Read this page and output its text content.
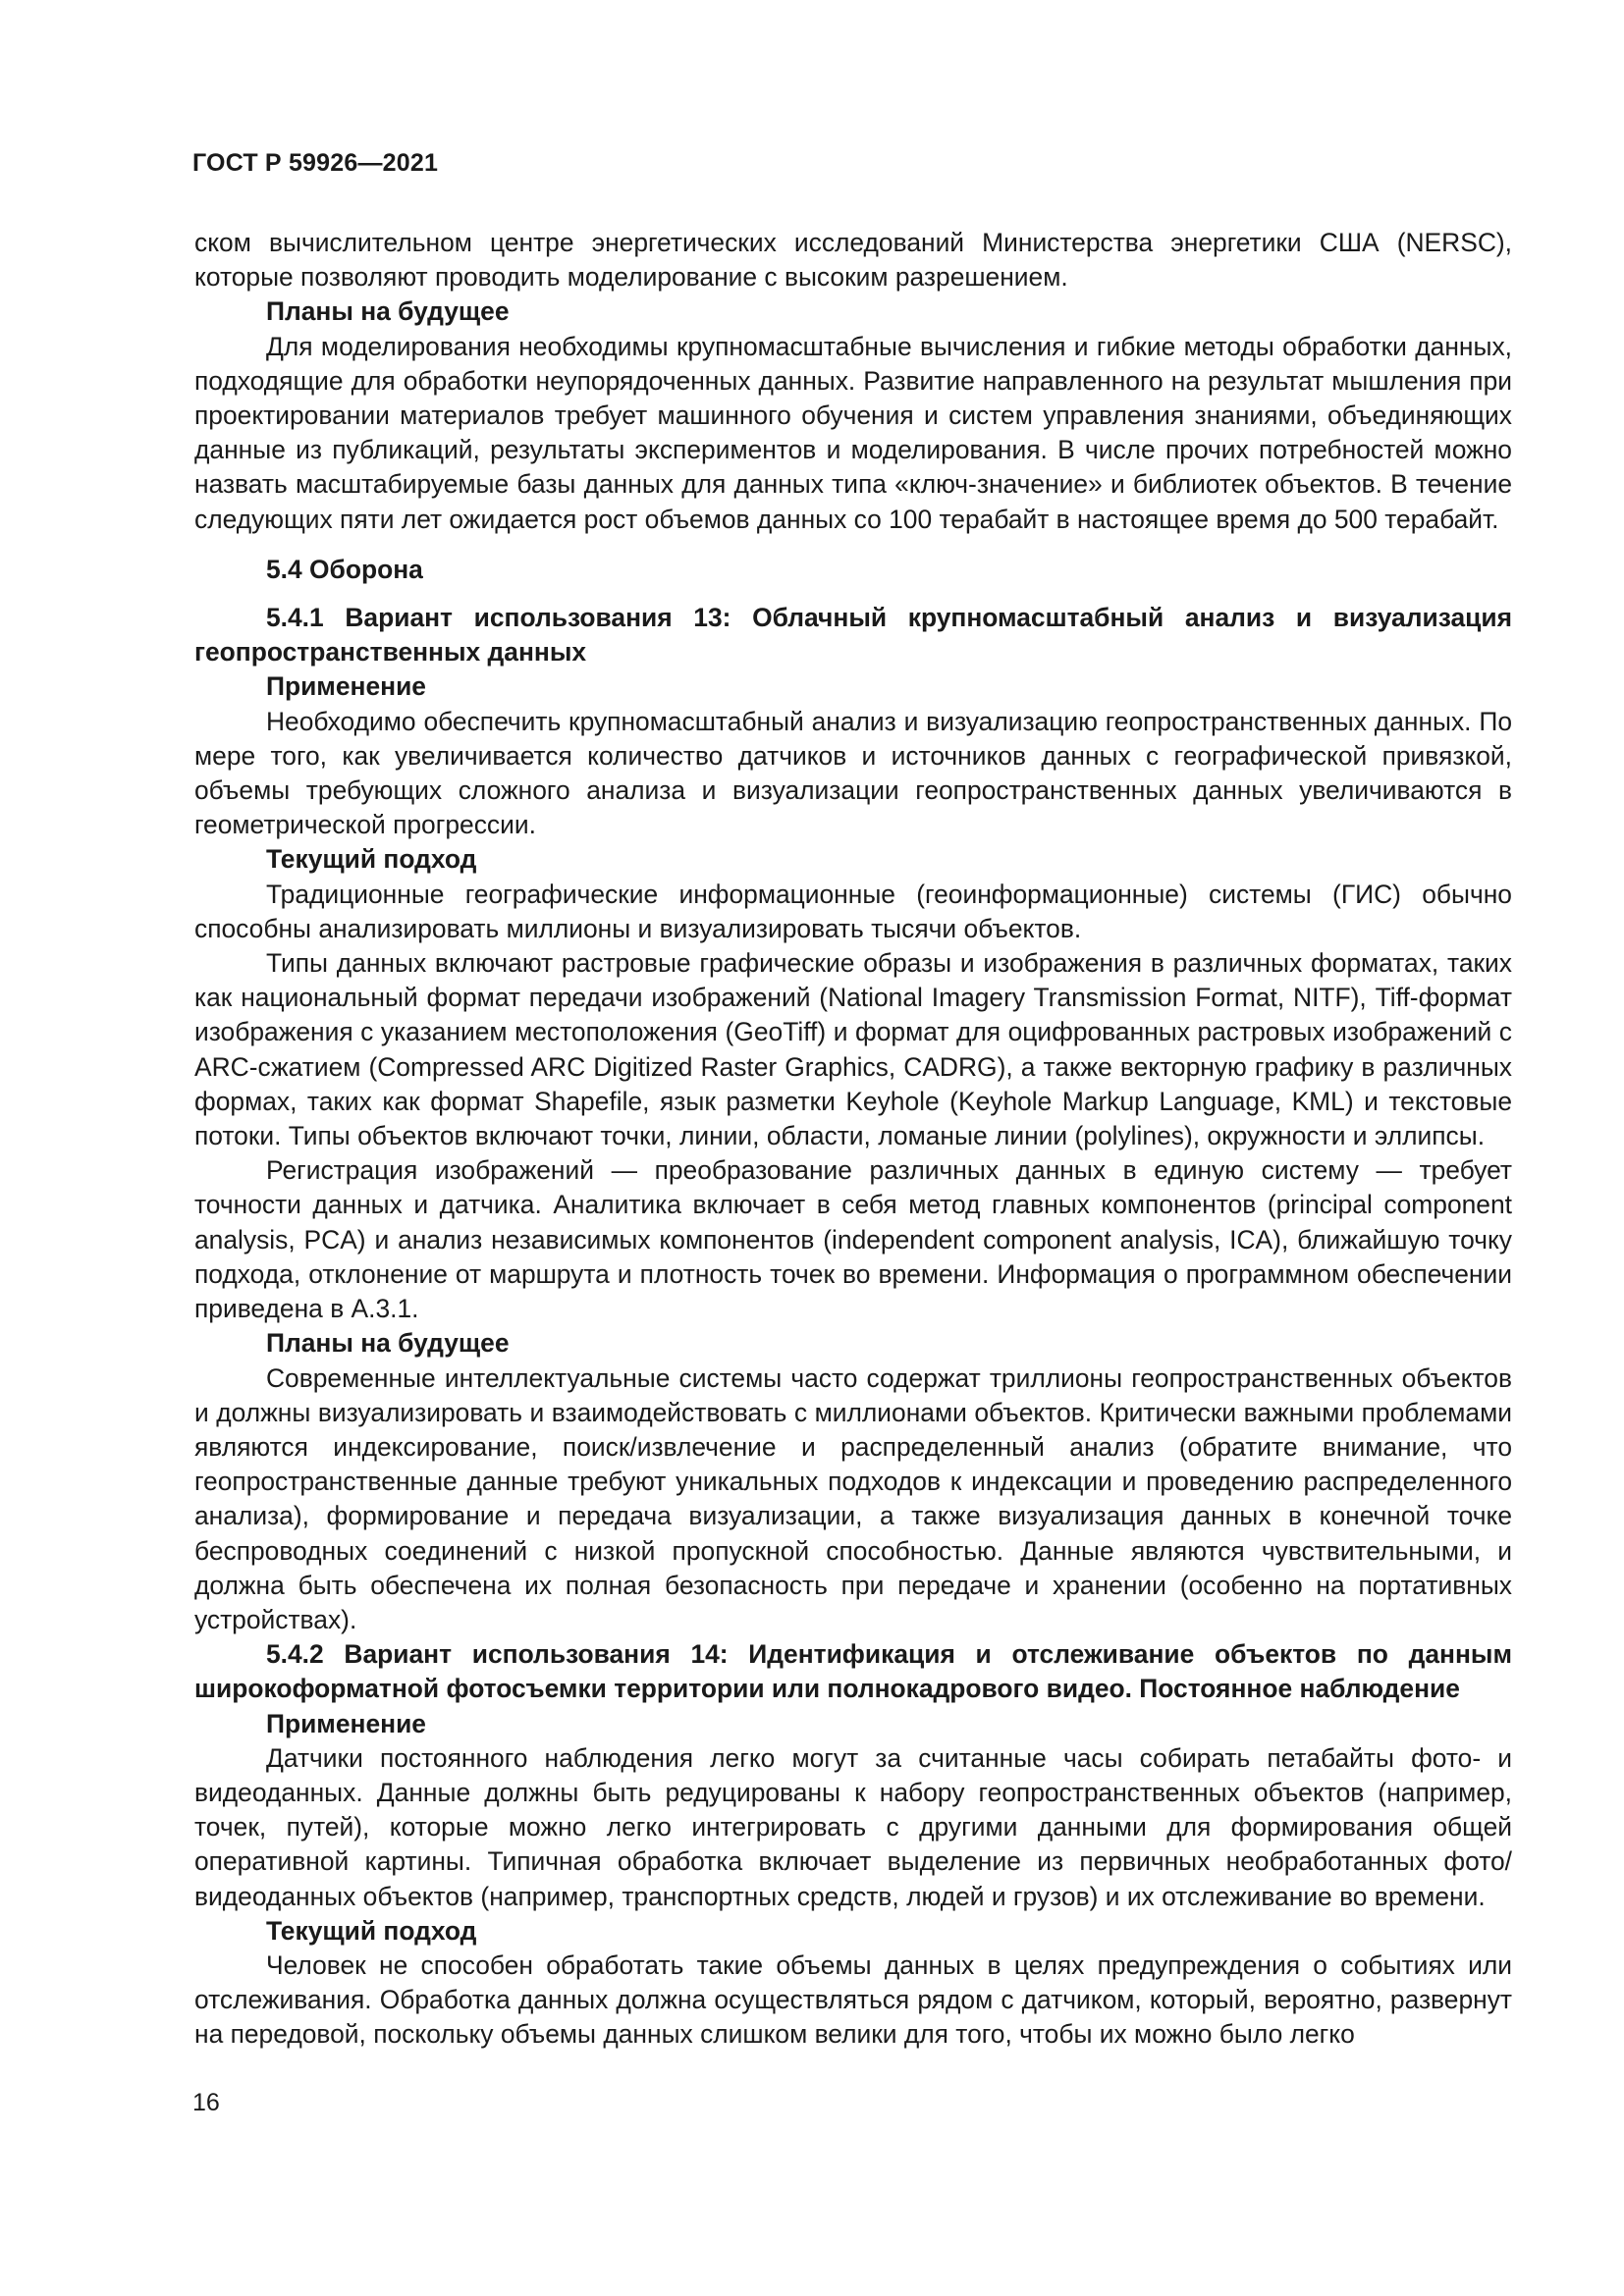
ГОСТ Р 59926—2021

ском вычислительном центре энергетических исследований Министерства энергетики США (NERSC), которые позволяют проводить моделирование с высоким разрешением.

Планы на будущее

Для моделирования необходимы крупномасштабные вычисления и гибкие методы обработки данных, подходящие для обработки неупорядоченных данных. Развитие направленного на результат мышления при проектировании материалов требует машинного обучения и систем управления знаниями, объединяющих данные из публикаций, результаты экспериментов и моделирования. В числе прочих потребностей можно назвать масштабируемые базы данных для данных типа «ключ-значение» и библиотек объектов. В течение следующих пяти лет ожидается рост объемов данных со 100 терабайт в настоящее время до 500 терабайт.

5.4 Оборона
5.4.1 Вариант использования 13: Облачный крупномасштабный анализ и визуализация геопространственных данных
Применение

Необходимо обеспечить крупномасштабный анализ и визуализацию геопространственных данных. По мере того, как увеличивается количество датчиков и источников данных с географической привязкой, объемы требующих сложного анализа и визуализации геопространственных данных увеличиваются в геометрической прогрессии.

Текущий подход

Традиционные географические информационные (геоинформационные) системы (ГИС) обычно способны анализировать миллионы и визуализировать тысячи объектов.

Типы данных включают растровые графические образы и изображения в различных форматах, таких как национальный формат передачи изображений (National Imagery Transmission Format, NITF), Tiff-формат изображения с указанием местоположения (GeoTiff) и формат для оцифрованных растровых изображений с ARC-сжатием (Compressed ARC Digitized Raster Graphics, CADRG), а также векторную графику в различных формах, таких как формат Shapefile, язык разметки Keyhole (Keyhole Markup Language, KML) и текстовые потоки. Типы объектов включают точки, линии, области, ломаные линии (polylines), окружности и эллипсы.

Регистрация изображений — преобразование различных данных в единую систему — требует точности данных и датчика. Аналитика включает в себя метод главных компонентов (principal component analysis, PCA) и анализ независимых компонентов (independent component analysis, ICA), ближайшую точку подхода, отклонение от маршрута и плотность точек во времени. Информация о программном обеспечении приведена в А.3.1.

Планы на будущее

Современные интеллектуальные системы часто содержат триллионы геопространственных объектов и должны визуализировать и взаимодействовать с миллионами объектов. Критически важными проблемами являются индексирование, поиск/извлечение и распределенный анализ (обратите внимание, что геопространственные данные требуют уникальных подходов к индексации и проведению распределенного анализа), формирование и передача визуализации, а также визуализация данных в конечной точке беспроводных соединений с низкой пропускной способностью. Данные являются чувствительными, и должна быть обеспечена их полная безопасность при передаче и хранении (особенно на портативных устройствах).

5.4.2 Вариант использования 14: Идентификация и отслеживание объектов по данным широкоформатной фотосъемки территории или полнокадрового видео. Постоянное наблюдение
Применение

Датчики постоянного наблюдения легко могут за считанные часы собирать петабайты фото- и видеоданных. Данные должны быть редуцированы к набору геопространственных объектов (например, точек, путей), которые можно легко интегрировать с другими данными для формирования общей оперативной картины. Типичная обработка включает выделение из первичных необработанных фото/видеоданных объектов (например, транспортных средств, людей и грузов) и их отслеживание во времени.

Текущий подход

Человек не способен обработать такие объемы данных в целях предупреждения о событиях или отслеживания. Обработка данных должна осуществляться рядом с датчиком, который, вероятно, развернут на передовой, поскольку объемы данных слишком велики для того, чтобы их можно было легко

16
